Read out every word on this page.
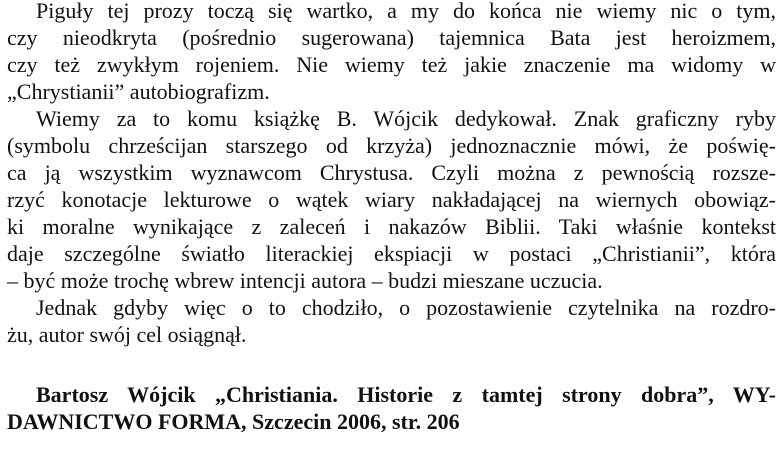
Piguły tej prozy toczą się wartko, a my do końca nie wiemy nic o tym,
czy nieodkryta (pośrednio sugerowana) tajemnica Bata jest heroizmem,
czy też zwykłym rojeniem. Nie wiemy też jakie znaczenie ma widomy w
„Chrystianii” autobiografizm.
Wiemy za to komu książkę B. Wójcik dedykował. Znak graficzny ryby
(symbolu chrześcijan starszego od krzyża) jednoznacznie mówi, że poświę-
ca ją wszystkim wyznawcom Chrystusa. Czyli można z pewnością rozsze-
rzyć konotacje lekturowe o wątek wiary nakładającej na wiernych obowiąz-
ki moralne wynikające z zaleceń i nakazów Biblii. Taki właśnie kontekst
daje szczególne światło literackiej ekspiacji w postaci „Christianii”, która
– być może trochę wbrew intencji autora – budzi mieszane uczucia.
Jednak gdyby więc o to chodziło, o pozostawienie czytelnika na rozdro-
żu, autor swój cel osiągnął.
Bartosz Wójcik „Christiania. Historie z tamtej strony dobra”, WY-
DAWNICTWO FORMA, Szczecin 2006, str. 206
